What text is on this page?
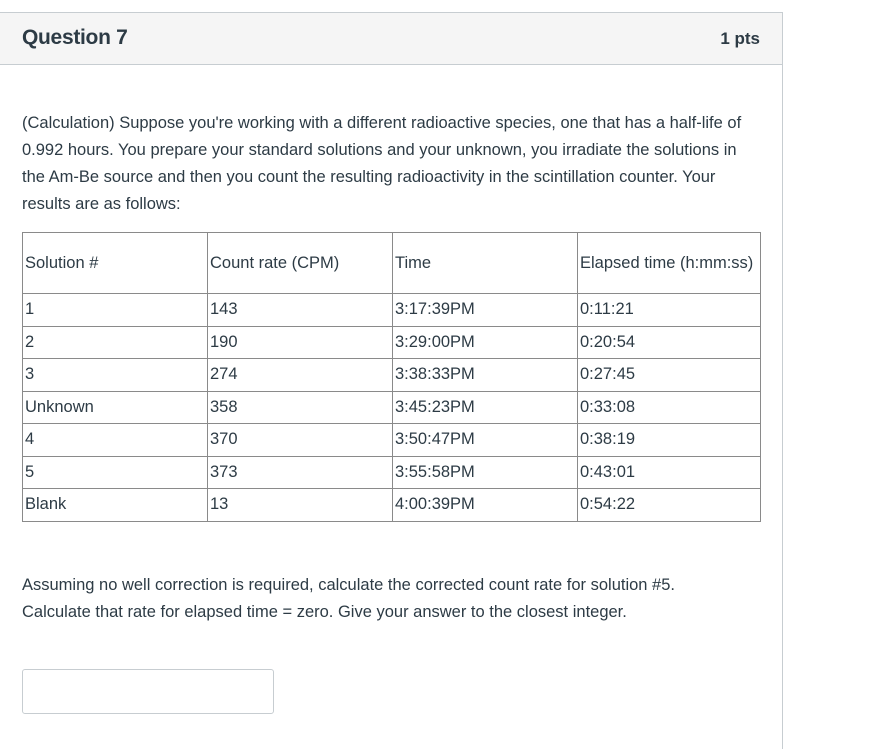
Question 7	1 pts
(Calculation) Suppose you're working with a different radioactive species, one that has a half-life of 0.992 hours. You prepare your standard solutions and your unknown, you irradiate the solutions in the Am-Be source and then you count the resulting radioactivity in the scintillation counter. Your results are as follows:
Solution #	Count rate (CPM)	Time	Elapsed time (h:mm:ss)
1	143	3:17:39PM	0:11:21
2	190	3:29:00PM	0:20:54
3	274	3:38:33PM	0:27:45
Unknown	358	3:45:23PM	0:33:08
4	370	3:50:47PM	0:38:19
5	373	3:55:58PM	0:43:01
Blank	13	4:00:39PM	0:54:22
Assuming no well correction is required, calculate the corrected count rate for solution #5.
Calculate that rate for elapsed time = zero. Give your answer to the closest integer.
